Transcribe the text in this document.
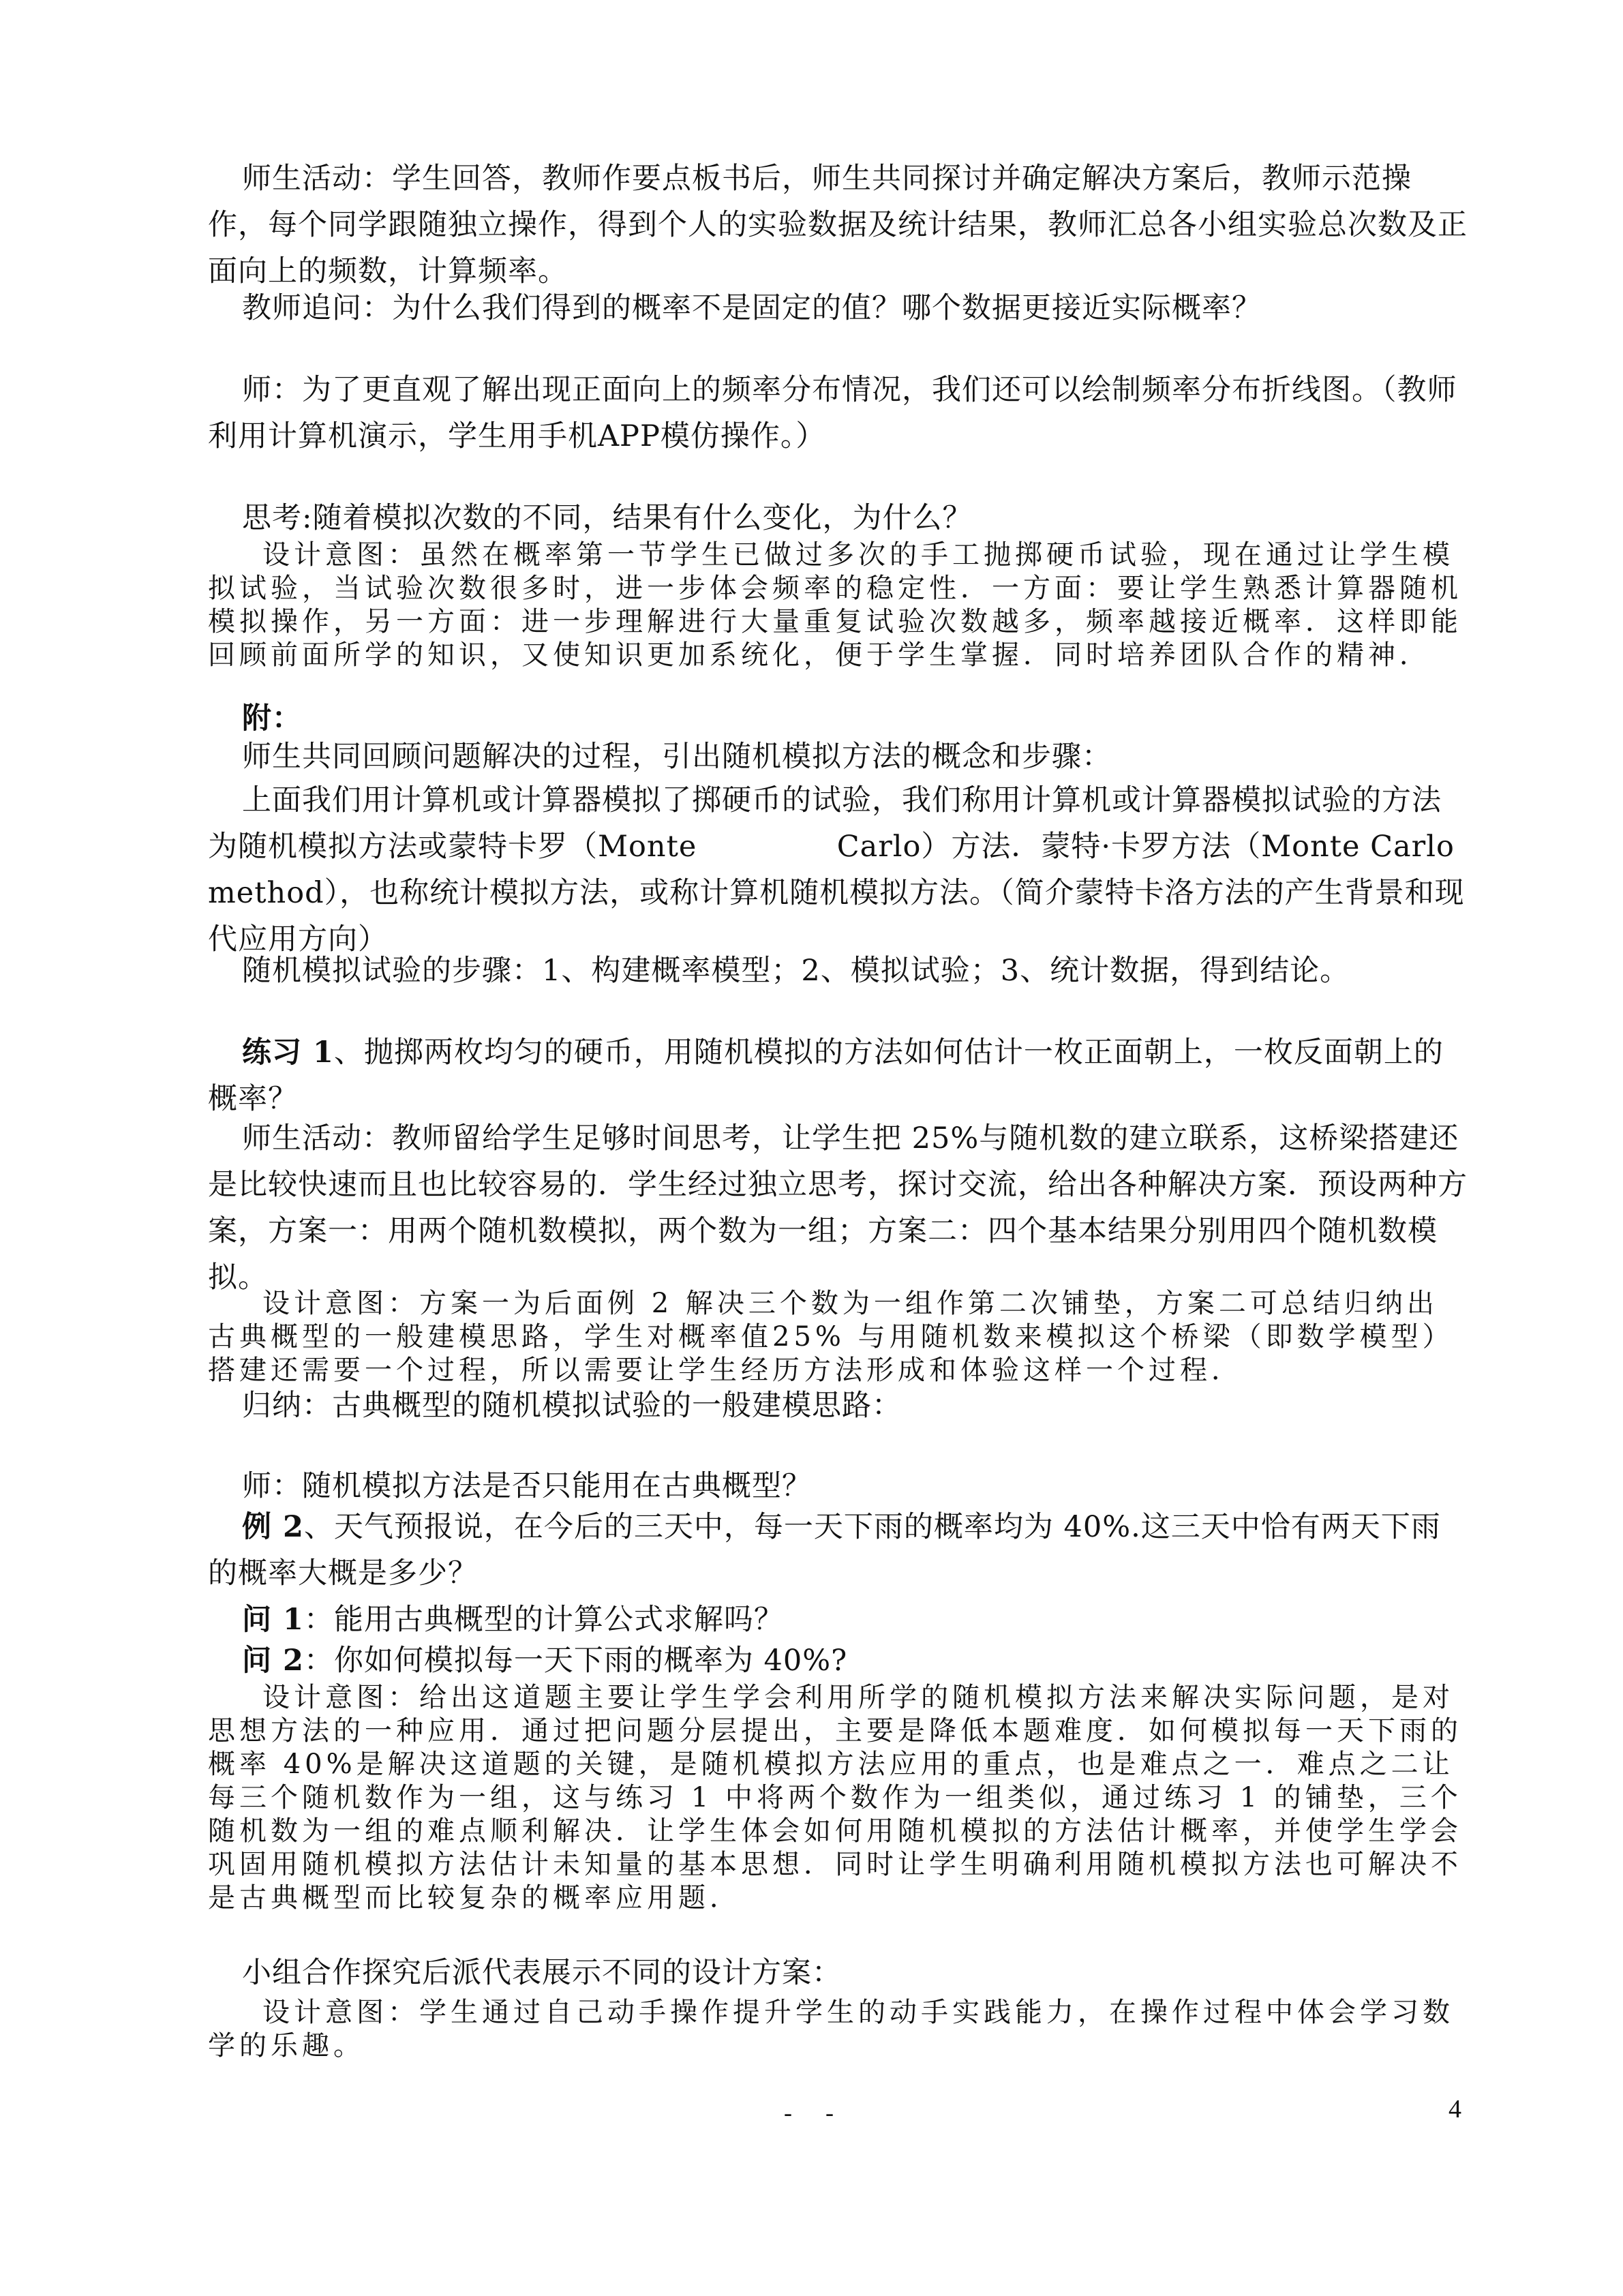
师生活动：学生回答，教师作要点板书后，师生共同探讨并确定解决方案后，教师示范操作，每个同学跟随独立操作，得到个人的实验数据及统计结果，教师汇总各小组实验总次数及正面向上的频数，计算频率。
教师追问：为什么我们得到的概率不是固定的值？哪个数据更接近实际概率？
师：为了更直观了解出现正面向上的频率分布情况，我们还可以绘制频率分布折线图。（教师利用计算机演示，学生用手机APP模仿操作。）
思考:随着模拟次数的不同，结果有什么变化，为什么？
设计意图：虽然在概率第一节学生已做过多次的手工抛掷硬币试验，现在通过让学生模拟试验，当试验次数很多时，进一步体会频率的稳定性．一方面：要让学生熟悉计算器随机模拟操作，另一方面：进一步理解进行大量重复试验次数越多，频率越接近概率．这样即能回顾前面所学的知识，又使知识更加系统化，便于学生掌握．同时培养团队合作的精神．
附：
师生共同回顾问题解决的过程，引出随机模拟方法的概念和步骤：
上面我们用计算机或计算器模拟了掷硬币的试验，我们称用计算机或计算器模拟试验的方法为随机模拟方法或蒙特卡罗（Monte              Carlo）方法．蒙特·卡罗方法（Monte Carlo method），也称统计模拟方法，或称计算机随机模拟方法。（简介蒙特卡洛方法的产生背景和现代应用方向）
随机模拟试验的步骤：1、构建概率模型；2、模拟试验；3、统计数据，得到结论。
练习 1、抛掷两枚均匀的硬币，用随机模拟的方法如何估计一枚正面朝上，一枚反面朝上的概率？
师生活动：教师留给学生足够时间思考，让学生把 25%与随机数的建立联系，这桥梁搭建还是比较快速而且也比较容易的．学生经过独立思考，探讨交流，给出各种解决方案．预设两种方案，方案一：用两个随机数模拟，两个数为一组；方案二：四个基本结果分别用四个随机数模拟。
设计意图：方案一为后面例 2 解决三个数为一组作第二次铺垫，方案二可总结归纳出古典概型的一般建模思路，学生对概率值25% 与用随机数来模拟这个桥梁（即数学模型）搭建还需要一个过程，所以需要让学生经历方法形成和体验这样一个过程．
归纳：古典概型的随机模拟试验的一般建模思路：
师：随机模拟方法是否只能用在古典概型？
例 2、天气预报说，在今后的三天中，每一天下雨的概率均为 40%.这三天中恰有两天下雨的概率大概是多少？
问 1：能用古典概型的计算公式求解吗？
问 2：你如何模拟每一天下雨的概率为 40%?
设计意图：给出这道题主要让学生学会利用所学的随机模拟方法来解决实际问题，是对思想方法的一种应用．通过把问题分层提出，主要是降低本题难度．如何模拟每一天下雨的概率 40%是解决这道题的关键，是随机模拟方法应用的重点，也是难点之一．难点之二让每三个随机数作为一组，这与练习 1 中将两个数作为一组类似，通过练习 1 的铺垫，三个随机数为一组的难点顺利解决．让学生体会如何用随机模拟的方法估计概率，并使学生学会巩固用随机模拟方法估计未知量的基本思想．同时让学生明确利用随机模拟方法也可解决不是古典概型而比较复杂的概率应用题．
小组合作探究后派代表展示不同的设计方案：
设计意图：学生通过自己动手操作提升学生的动手实践能力，在操作过程中体会学习数学的乐趣。
- -	4
